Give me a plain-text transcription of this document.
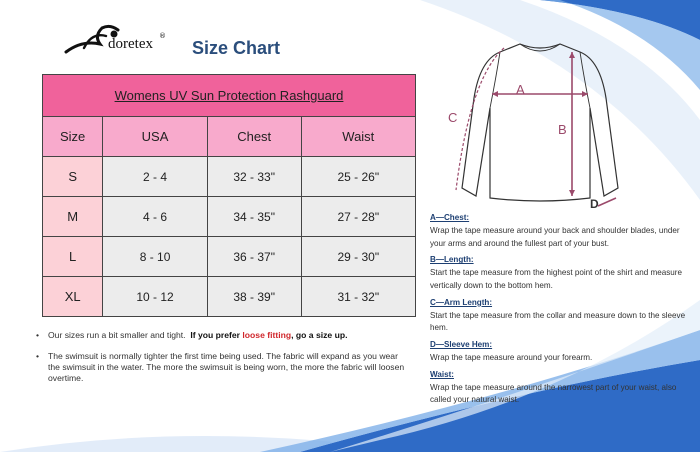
doretex ®
Size Chart
Womens UV Sun Protection Rashguard			
Size	USA	Chest	Waist
S	2 - 4	32 - 33"	25 - 26"
M	4 - 6	34 - 35"	27 - 28"
L	8 - 10	36 - 37"	29 - 30"
XL	10 - 12	38 - 39"	31 - 32"
• Our sizes run a bit smaller and tight. If you prefer loose fitting, go a size up.
• The swimsuit is normally tighter the first time being used. The fabric will expand as you wear the swimsuit in the water. The more the swimsuit is being worn, the more the fabric will loosen overtime.
A
B
C
D
A—Chest:
Wrap the tape measure around your back and shoulder blades, under your arms and around the fullest part of your bust.
B—Length:
Start the tape measure from the highest point of the shirt and measure vertically down to the bottom hem.
C—Arm Length:
Start the tape measure from the collar and measure down to the sleeve hem.
D—Sleeve Hem:
Wrap the tape measure around your forearm.
Waist:
Wrap the tape measure around the narrowest part of your waist, also called your natural waist.
